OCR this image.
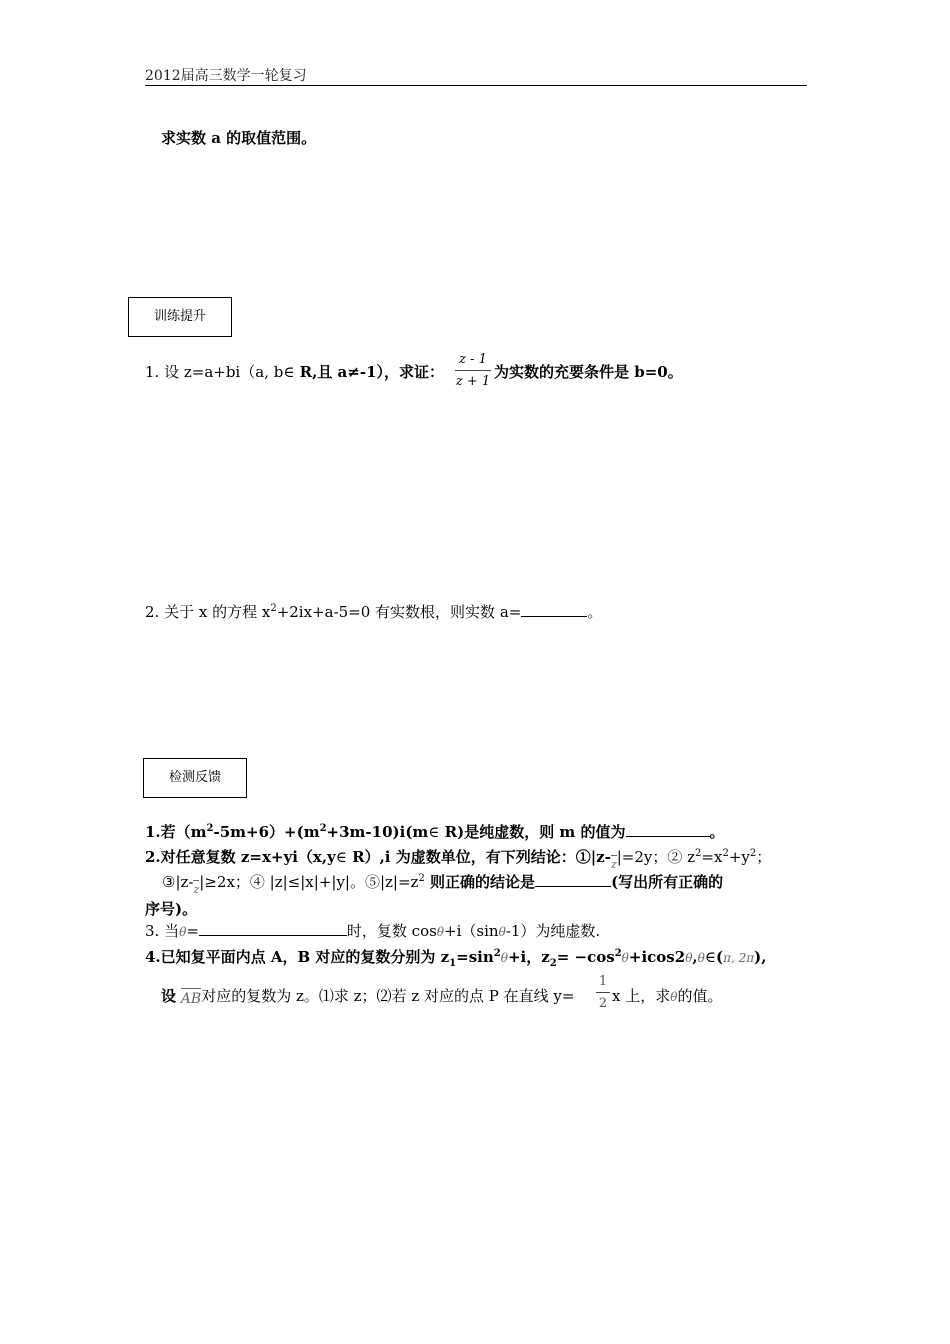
2012届高三数学一轮复习
求实数 a 的取值范围。
训练提升
1. 设 z=a+bi（a, b∈ R,且 a≠-1），求证：
z - 1
z + 1
为实数的充要条件是 b=0。
2. 关于 x 的方程 $x^2+2ix+a-5=0$ 有实数根，则实数 a=	。
检测反馈
1.若$(m^2-5m+6)+(m^2+3m-10)i(m\in$ R)是纯虚数，则 m 的值为	。
2.对任意复数 z=x+yi（x,y∈ R）,i 为虚数单位，有下列结论：①|z-z|=2y；② $z^2=x^2+y^2$；
③|z-z|≥2x；④ |z|≤|x|+|y|。$⑤|z|=z^2$ 则正确的结论是	(写出所有正确的
序号)。
3. 当θ=	时，复数 cosθ+i（sinθ-1）为纯虚数.
4.已知复平面内点 A，B 对应的复数分别为 $z_1=\sin^2\theta+i$，$z_2=$ $-\cos^2\theta+icos2\theta,\theta\in(\pi$, 2π),
设 AB对应的复数为 z。⑴求 z；⑵若 z 对应的点 P 在直线 y=
1
2 x 上，求θ的值。
